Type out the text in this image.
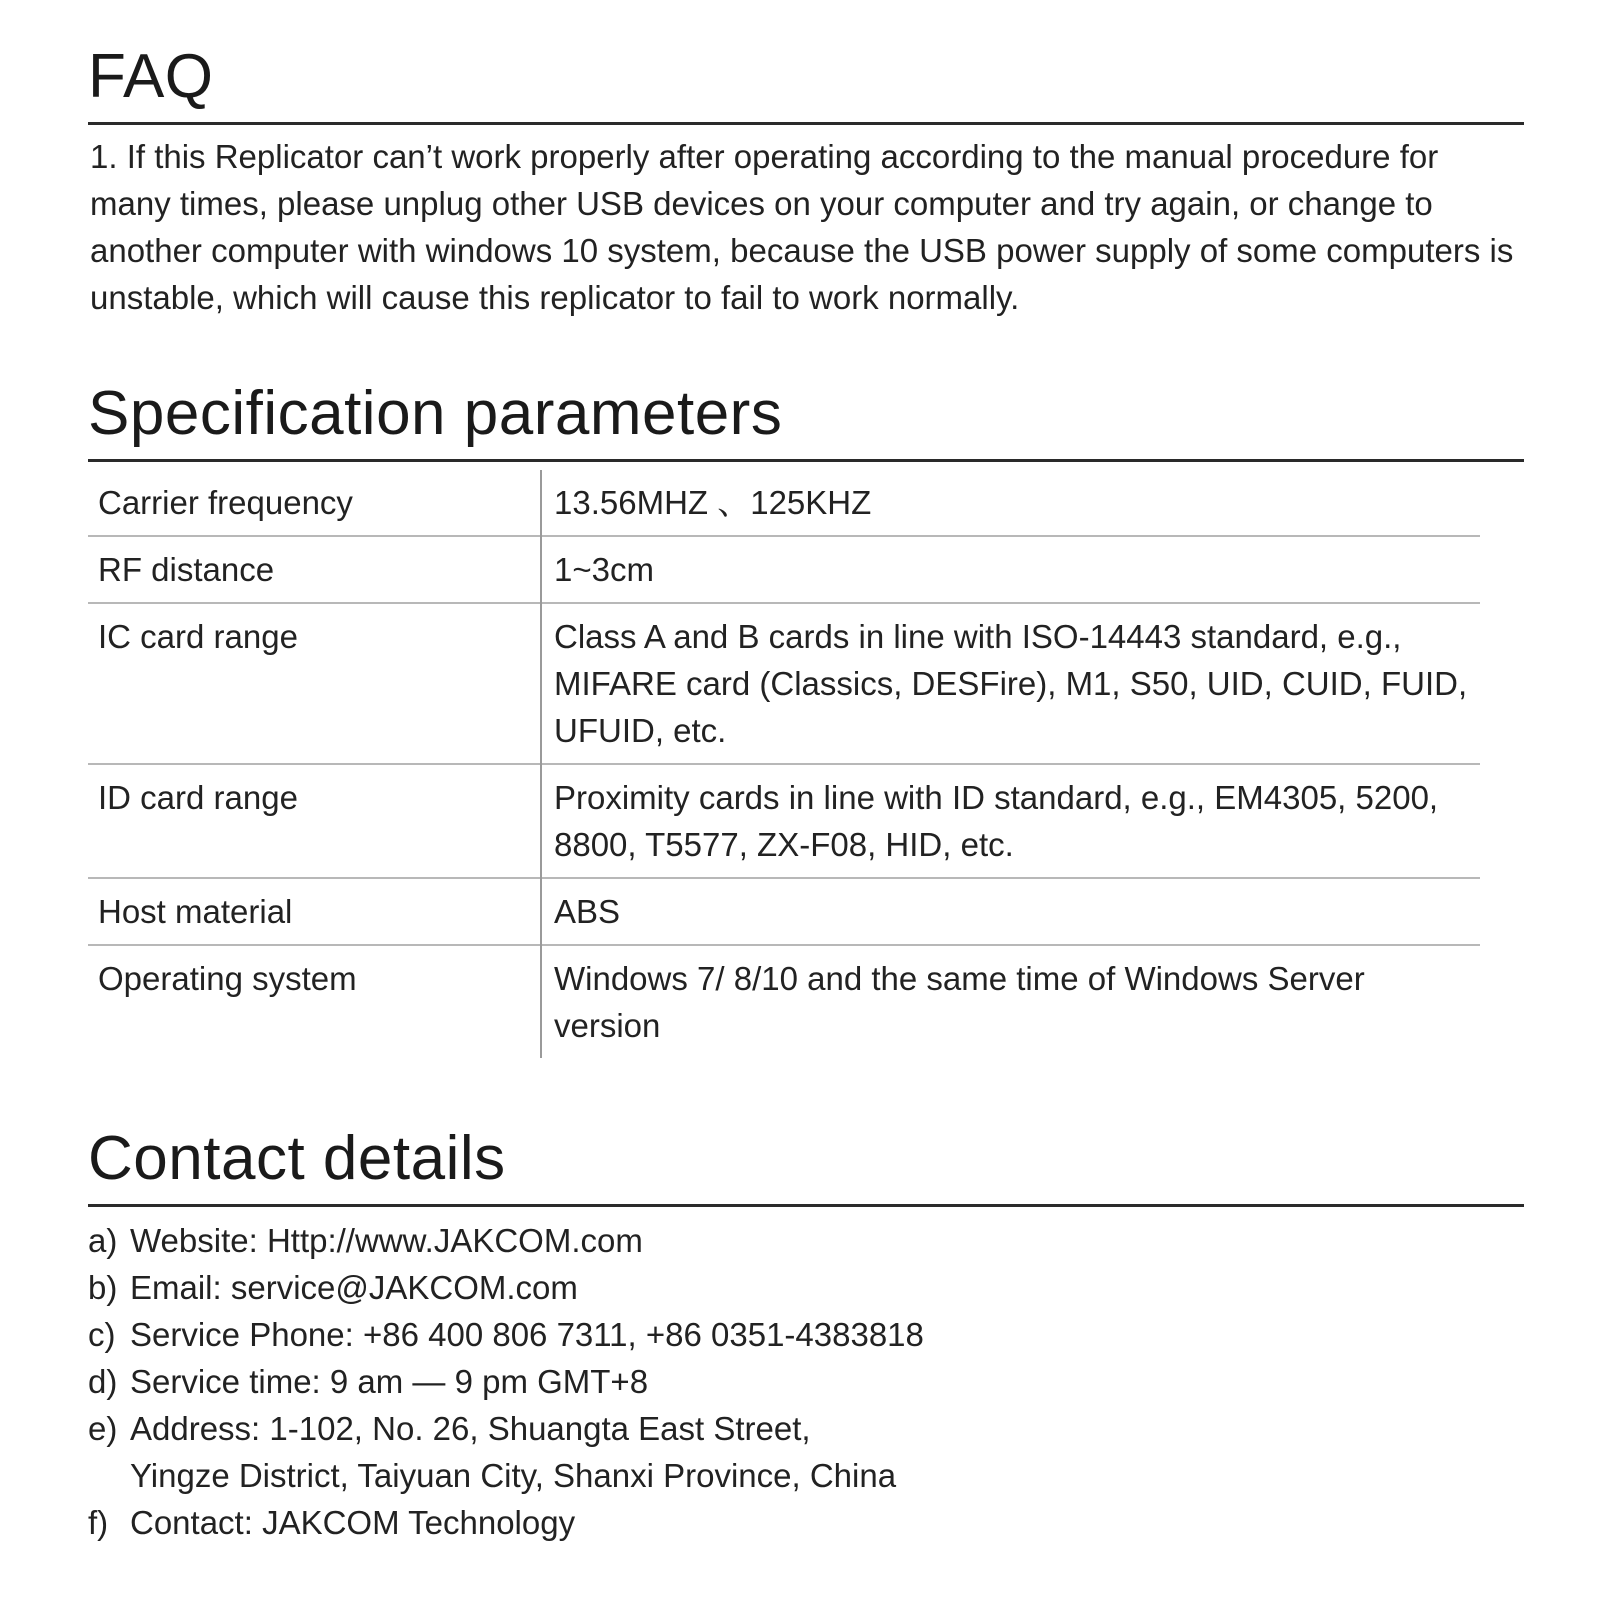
FAQ

1. If this Replicator can’t work properly after operating according to the manual procedure for many times, please unplug other USB devices on your computer and try again, or change to another computer with windows 10 system, because the USB power supply of some computers is unstable, which will cause this replicator to fail to work normally.

Specification parameters
Carrier frequency	13.56MHZ 、125KHZ
RF distance	1~3cm
IC card range	Class A and B cards in line with ISO-14443 standard, e.g., MIFARE card (Classics, DESFire), M1, S50, UID, CUID, FUID, UFUID, etc.
ID card range	Proximity cards in line with ID standard, e.g., EM4305, 5200, 8800, T5577, ZX-F08, HID, etc.
Host material	ABS
Operating system	Windows 7/ 8/10 and the same time of Windows Server version
Contact details
a) Website: Http://www.JAKCOM.com
b) Email: service@JAKCOM.com
c) Service Phone: +86 400 806 7311, +86 0351-4383818
d) Service time: 9 am — 9 pm GMT+8
e) Address: 1-102, No. 26, Shuangta East Street,
Yingze District, Taiyuan City, Shanxi Province, China
f) Contact: JAKCOM Technology
